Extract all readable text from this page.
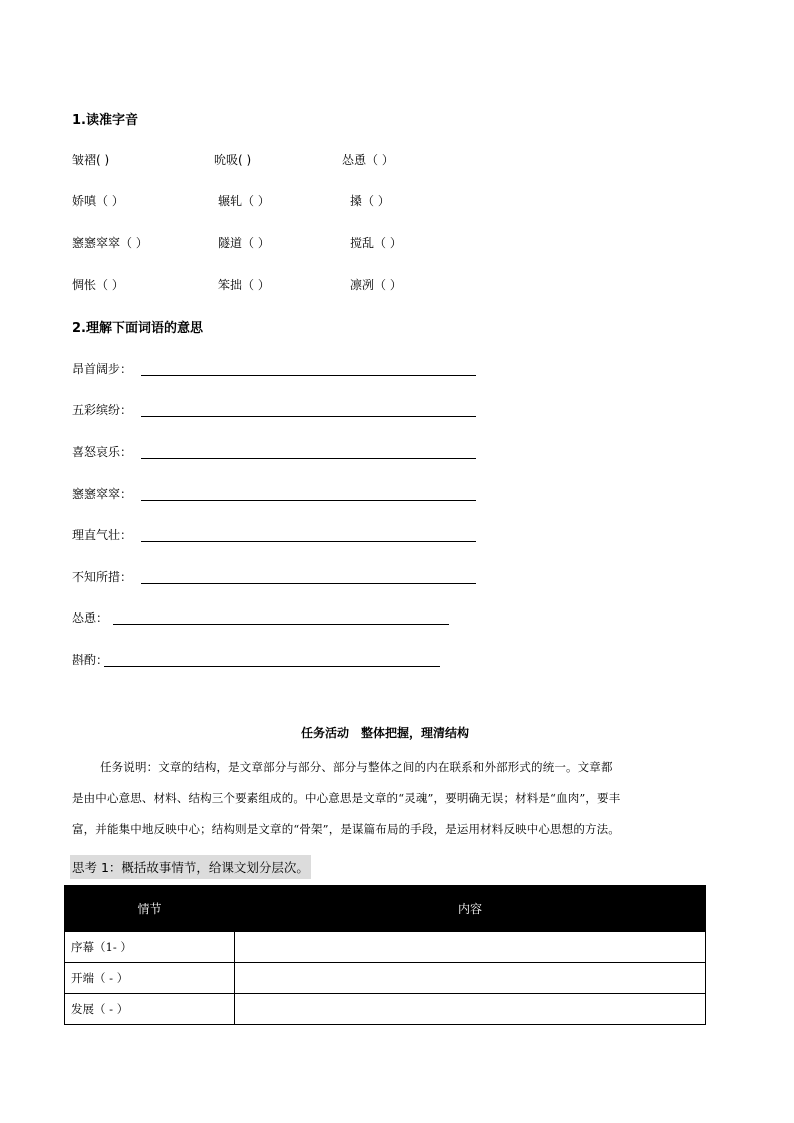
1.读准字音
皱褶( )	吮吸( )	怂恿（ ）
娇嗔（ ）	辗轧（ ）	搡（ ）
窸窸窣窣（ ）	隧道（ ）	搅乱（ ）
惆怅（ ）	笨拙（ ）	凛冽（ ）
2.理解下面词语的意思
昂首阔步：
五彩缤纷：
喜怒哀乐：
窸窸窣窣：
理直气壮：
不知所措：
怂恿：
斟酌：
任务活动　整体把握，理清结构
任务说明：文章的结构，是文章部分与部分、部分与整体之间的内在联系和外部形式的统一。文章都
是由中心意思、材料、结构三个要素组成的。中心意思是文章的“灵魂”，要明确无误；材料是“血肉”，要丰
富，并能集中地反映中心；结构则是文章的“骨架”，是谋篇布局的手段，是运用材料反映中心思想的方法。
思考 1：概括故事情节，给课文划分层次。
情节	内容
序幕（1- ）	
开端（ - ）	
发展（ - ）	
